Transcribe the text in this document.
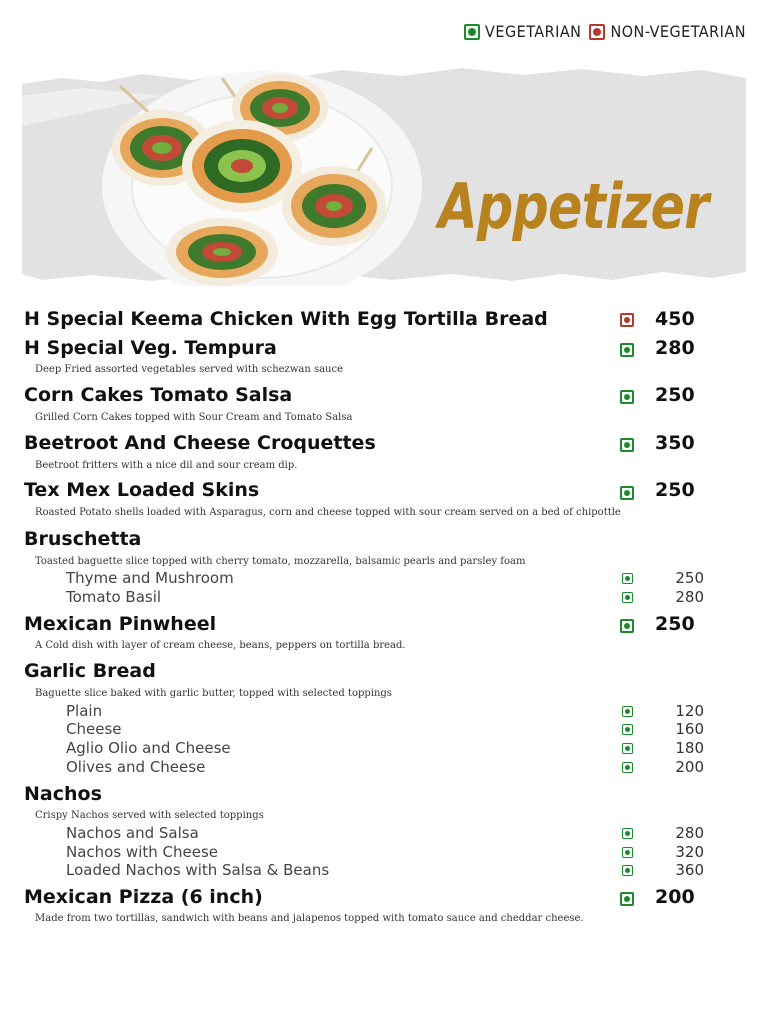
VEGETARIAN NON-VEGETARIAN
Appetizer
H Special Keema Chicken With Egg Tortilla Bread	450
H Special Veg. Tempura	280
Deep Fried assorted vegetables served with schezwan sauce
Corn Cakes Tomato Salsa	250
Grilled Corn Cakes topped with Sour Cream and Tomato Salsa
Beetroot And Cheese Croquettes	350
Beetroot fritters with a nice dil and sour cream dip.
Tex Mex Loaded Skins	250
Roasted Potato shells loaded with Asparagus, corn and cheese topped with sour cream served on a bed of chipottle
Bruschetta
Toasted baguette slice topped with cherry tomato, mozzarella, balsamic pearls and parsley foam
Thyme and Mushroom	250
Tomato Basil	280
Mexican Pinwheel	250
A Cold dish with layer of cream cheese, beans, peppers on tortilla bread.
Garlic Bread
Baguette slice baked with garlic butter, topped with selected toppings
Plain	120
Cheese	160
Aglio Olio and Cheese	180
Olives and Cheese	200
Nachos
Crispy Nachos served with selected toppings
Nachos and Salsa	280
Nachos with Cheese	320
Loaded Nachos with Salsa & Beans	360
Mexican Pizza (6 inch)	200
Made from two tortillas, sandwich with beans and jalapenos topped with tomato sauce and cheddar cheese.
